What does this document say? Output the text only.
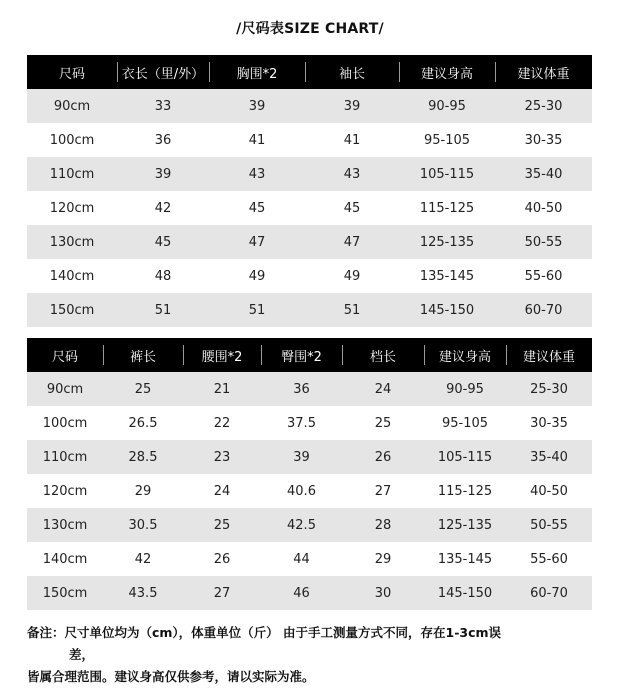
/尺码表SIZE CHART/
尺码	衣长（里/外）	胸围*2	袖长	建议身高	建议体重
90cm	33	39	39	90-95	25-30
100cm	36	41	41	95-105	30-35
110cm	39	43	43	105-115	35-40
120cm	42	45	45	115-125	40-50
130cm	45	47	47	125-135	50-55
140cm	48	49	49	135-145	55-60
150cm	51	51	51	145-150	60-70
尺码	裤长	腰围*2	臀围*2	档长	建议身高	建议体重
90cm	25	21	36	24	90-95	25-30
100cm	26.5	22	37.5	25	95-105	30-35
110cm	28.5	23	39	26	105-115	35-40
120cm	29	24	40.6	27	115-125	40-50
130cm	30.5	25	42.5	28	125-135	50-55
140cm	42	26	44	29	135-145	55-60
150cm	43.5	27	46	30	145-150	60-70
备注：尺寸单位均为（cm），体重单位（斤） 由于手工测量方式不同，存在1-3cm误
差，
皆属合理范围。建议身高仅供参考，请以实际为准。
